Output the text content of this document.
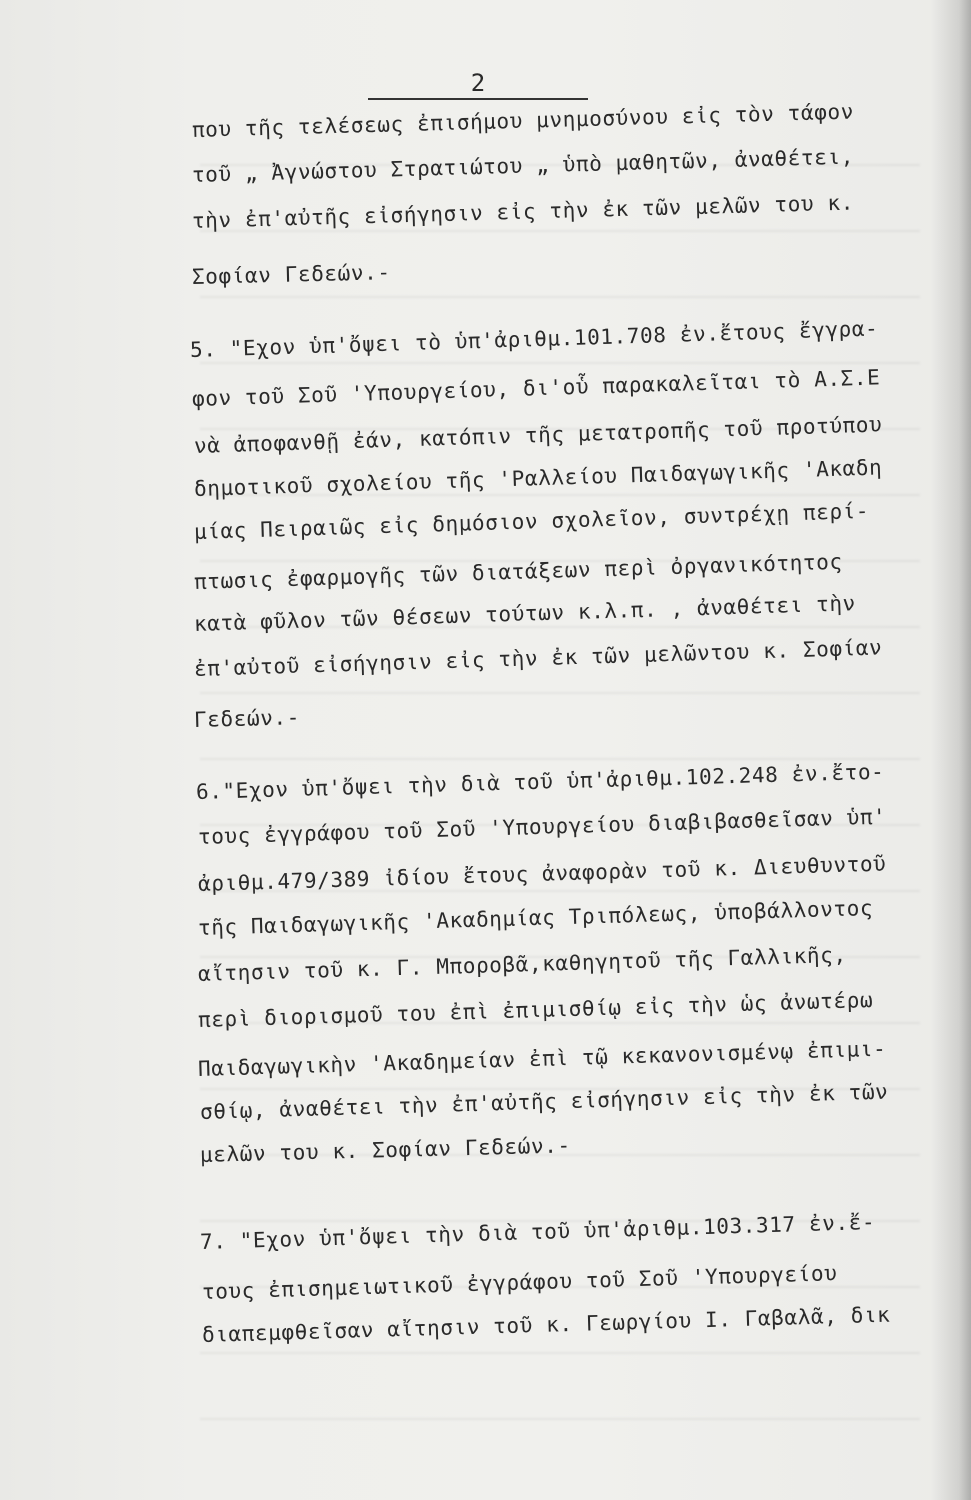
2
που τῆς τελέσεως ἐπισήμου μνημοσύνου εἰς τὸν τάφον
τοῦ „ Ἀγνώστου Στρατιώτου „ ὑπὸ μαθητῶν, ἀναθέτει,
τὴν ἐπ'αὐτῆς εἰσήγησιν εἰς τὴν ἐκ τῶν μελῶν του κ.
Σοφίαν Γεδεών.-
5. "Εχον ὑπ'ὄψει τὸ ὑπ'ἀριθμ.101.708 ἐν.ἔτους ἔγγρα-
φον τοῦ Σοῦ 'Υπουργείου, δι'οὗ παρακαλεῖται τὸ Α.Σ.Ε
νὰ ἀποφανθῇ ἐάν, κατόπιν τῆς μετατροπῆς τοῦ προτύπου
δημοτικοῦ σχολείου τῆς 'Ραλλείου Παιδαγωγικῆς 'Ακαδη
μίας Πειραιῶς εἰς δημόσιον σχολεῖον, συντρέχῃ περί-
πτωσις ἐφαρμογῆς τῶν διατάξεων περὶ ὀργανικότητος
κατὰ φῦλον τῶν θέσεων τούτων κ.λ.π. , ἀναθέτει τὴν
ἐπ'αὐτοῦ εἰσήγησιν εἰς τὴν ἐκ τῶν μελῶντου κ. Σοφίαν
Γεδεών.-
6."Εχον ὑπ'ὄψει τὴν διὰ τοῦ ὑπ'ἀριθμ.102.248 ἐν.ἔτο-
τους ἐγγράφου τοῦ Σοῦ 'Υπουργείου διαβιβασθεῖσαν ὑπ'
ἀριθμ.479/389 ἰδίου ἔτους ἀναφορὰν τοῦ κ. Διευθυντοῦ
τῆς Παιδαγωγικῆς 'Ακαδημίας Τριπόλεως, ὑποβάλλοντος
αἴτησιν τοῦ κ. Γ. Μποροβᾶ,καθηγητοῦ τῆς Γαλλικῆς,
περὶ διορισμοῦ του ἐπὶ ἐπιμισθίῳ εἰς τὴν ὡς ἀνωτέρω
Παιδαγωγικὴν 'Ακαδημείαν ἐπὶ τῷ κεκανονισμένῳ ἐπιμι-
σθίῳ, ἀναθέτει τὴν ἐπ'αὐτῆς εἰσήγησιν εἰς τὴν ἐκ τῶν
μελῶν του κ. Σοφίαν Γεδεών.-
7. "Εχον ὑπ'ὄψει τὴν διὰ τοῦ ὑπ'ἀριθμ.103.317 ἐν.ἔ-
τους ἐπισημειωτικοῦ ἐγγράφου τοῦ Σοῦ 'Υπουργείου
διαπεμφθεῖσαν αἴτησιν τοῦ κ. Γεωργίου Ι. Γαβαλᾶ, δικ
